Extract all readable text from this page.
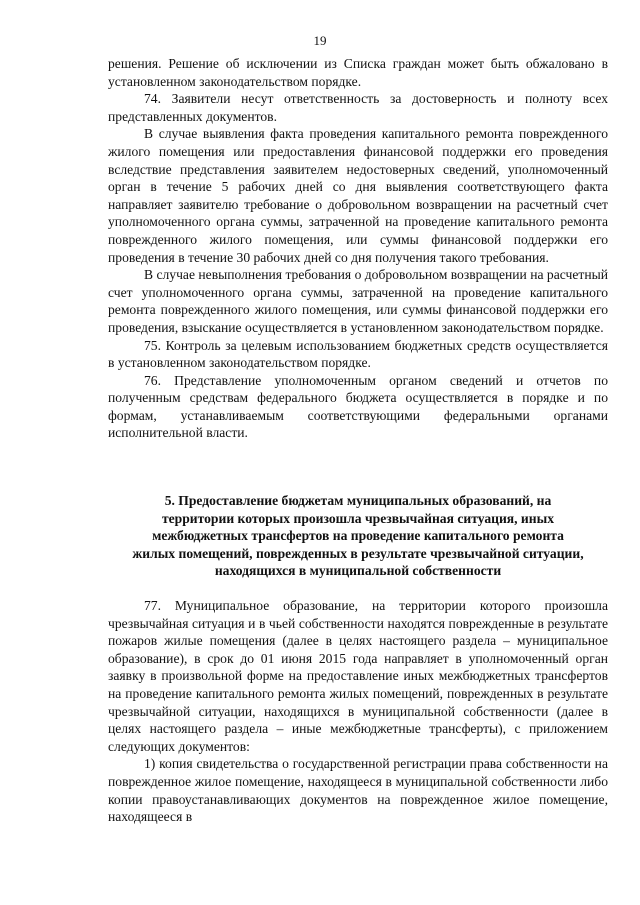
19

решения. Решение об исключении из Списка граждан может быть обжаловано в установленном законодательством порядке.

74. Заявители несут ответственность за достоверность и полноту всех представленных документов.

В случае выявления факта проведения капитального ремонта поврежденного жилого помещения или предоставления финансовой поддержки его проведения вследствие представления заявителем недостоверных сведений, уполномоченный орган в течение 5 рабочих дней со дня выявления соответствующего факта направляет заявителю требование о добровольном возвращении на расчетный счет уполномоченного органа суммы, затраченной на проведение капитального ремонта поврежденного жилого помещения, или суммы финансовой поддержки его проведения в течение 30 рабочих дней со дня получения такого требования.

В случае невыполнения требования о добровольном возвращении на расчетный счет уполномоченного органа суммы, затраченной на проведение капитального ремонта поврежденного жилого помещения, или суммы финансовой поддержки его проведения, взыскание осуществляется в установленном законодательством порядке.

75. Контроль за целевым использованием бюджетных средств осуществляется в установленном законодательством порядке.

76. Представление уполномоченным органом сведений и отчетов по полученным средствам федерального бюджета осуществляется в порядке и по формам, устанавливаемым соответствующими федеральными органами исполнительной власти.

5. Предоставление бюджетам муниципальных образований, на
территории которых произошла чрезвычайная ситуация, иных
межбюджетных трансфертов на проведение капитального ремонта
жилых помещений, поврежденных в результате чрезвычайной ситуации,
находящихся в муниципальной собственности

77. Муниципальное образование, на территории которого произошла чрезвычайная ситуация и в чьей собственности находятся поврежденные в результате пожаров жилые помещения (далее в целях настоящего раздела – муниципальное образование), в срок до 01 июня 2015 года направляет в уполномоченный орган заявку в произвольной форме на предоставление иных межбюджетных трансфертов на проведение капитального ремонта жилых помещений, поврежденных в результате чрезвычайной ситуации, находящихся в муниципальной собственности (далее в целях настоящего раздела – иные межбюджетные трансферты), с приложением следующих документов:

1) копия свидетельства о государственной регистрации права собственности на поврежденное жилое помещение, находящееся в муниципальной собственности либо копии правоустанавливающих документов на поврежденное жилое помещение, находящееся в
